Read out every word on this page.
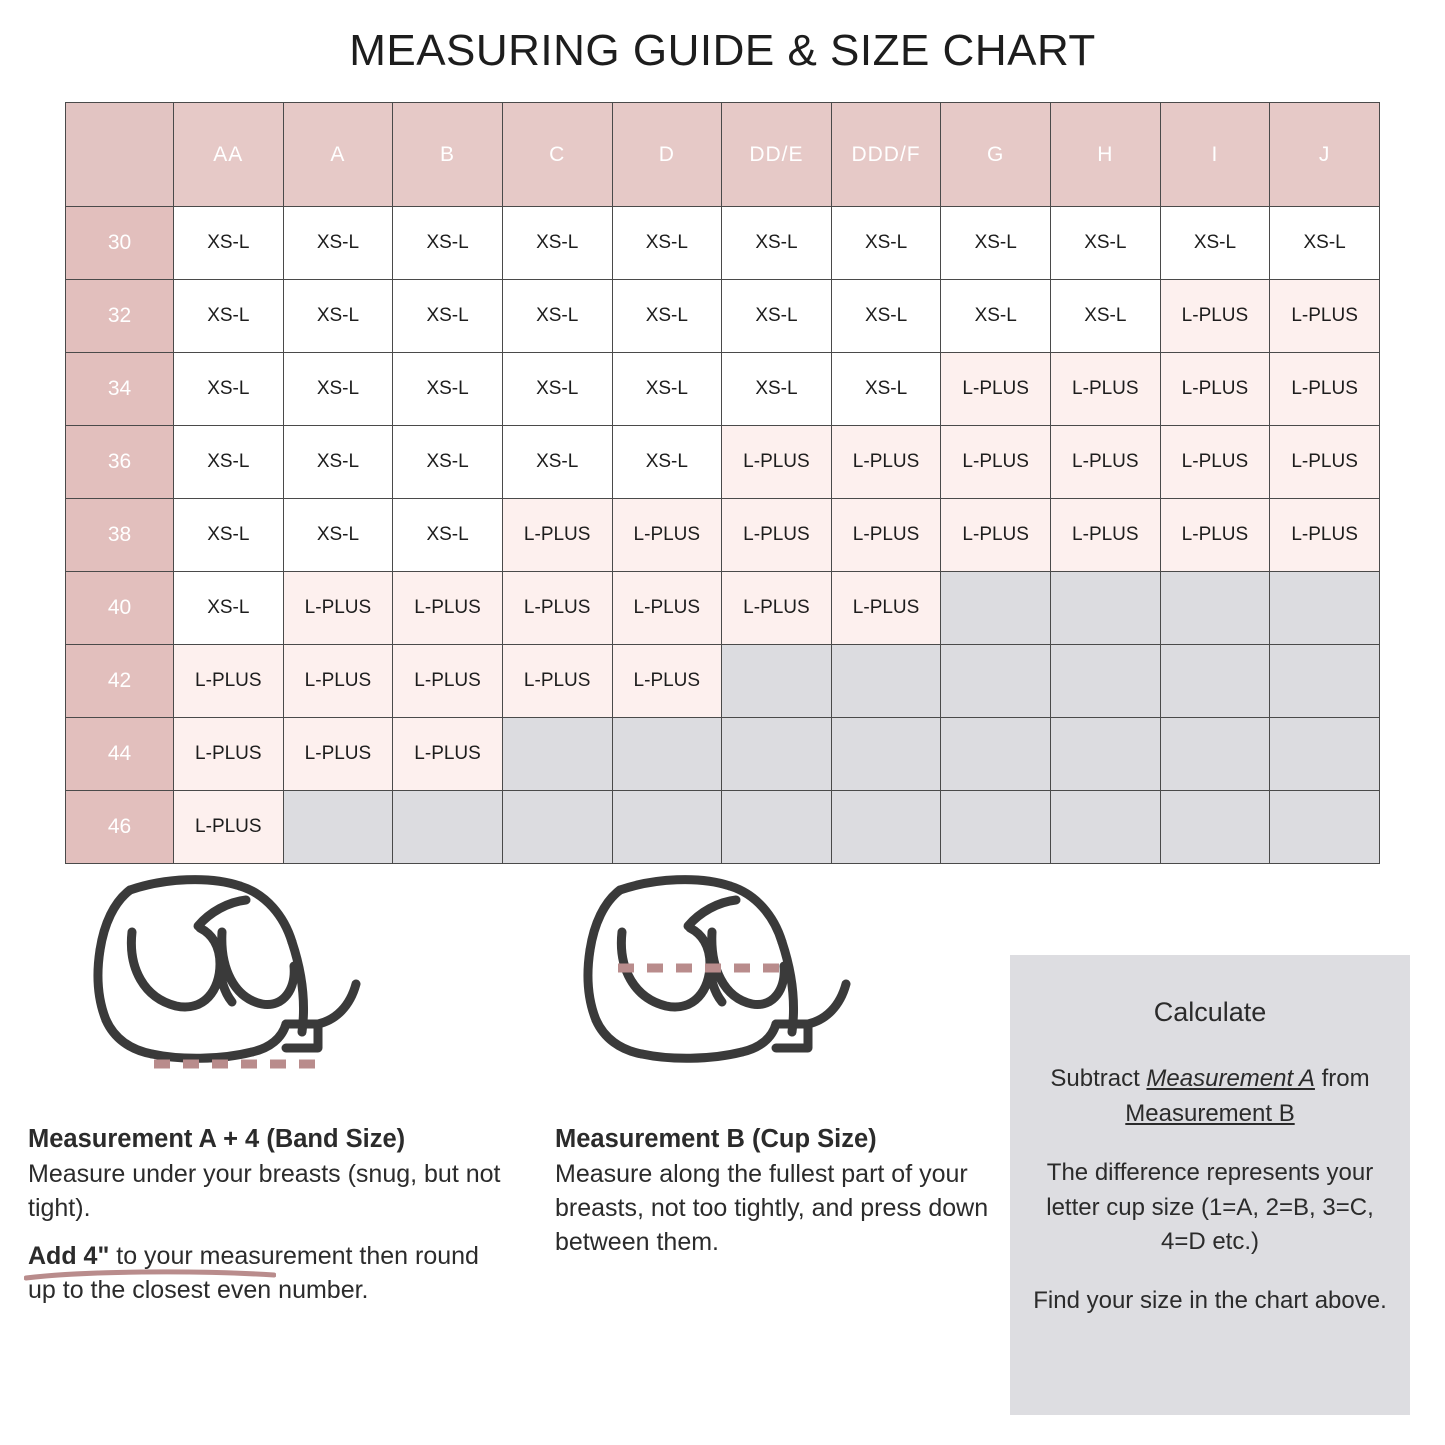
MEASURING GUIDE & SIZE CHART
	AA	A	B	C	D	DD/E	DDD/F	G	H	I	J
30	XS-L	XS-L	XS-L	XS-L	XS-L	XS-L	XS-L	XS-L	XS-L	XS-L	XS-L
32	XS-L	XS-L	XS-L	XS-L	XS-L	XS-L	XS-L	XS-L	XS-L	L-PLUS	L-PLUS
34	XS-L	XS-L	XS-L	XS-L	XS-L	XS-L	XS-L	L-PLUS	L-PLUS	L-PLUS	L-PLUS
36	XS-L	XS-L	XS-L	XS-L	XS-L	L-PLUS	L-PLUS	L-PLUS	L-PLUS	L-PLUS	L-PLUS
38	XS-L	XS-L	XS-L	L-PLUS	L-PLUS	L-PLUS	L-PLUS	L-PLUS	L-PLUS	L-PLUS	L-PLUS
40	XS-L	L-PLUS	L-PLUS	L-PLUS	L-PLUS	L-PLUS	L-PLUS				
42	L-PLUS	L-PLUS	L-PLUS	L-PLUS	L-PLUS						
44	L-PLUS	L-PLUS	L-PLUS								
46	L-PLUS										

Measurement A + 4 (Band Size)
Measure under your breasts (snug, but not tight).

Add 4"
to your measurement then round up to the closest even number.

Measurement B (Cup Size)
Measure along the fullest part of your breasts, not too tightly, and press down between them.

Calculate

Subtract Measurement A from Measurement B

The difference represents your letter cup size (1=A, 2=B, 3=C, 4=D etc.)

Find your size in the chart above.
